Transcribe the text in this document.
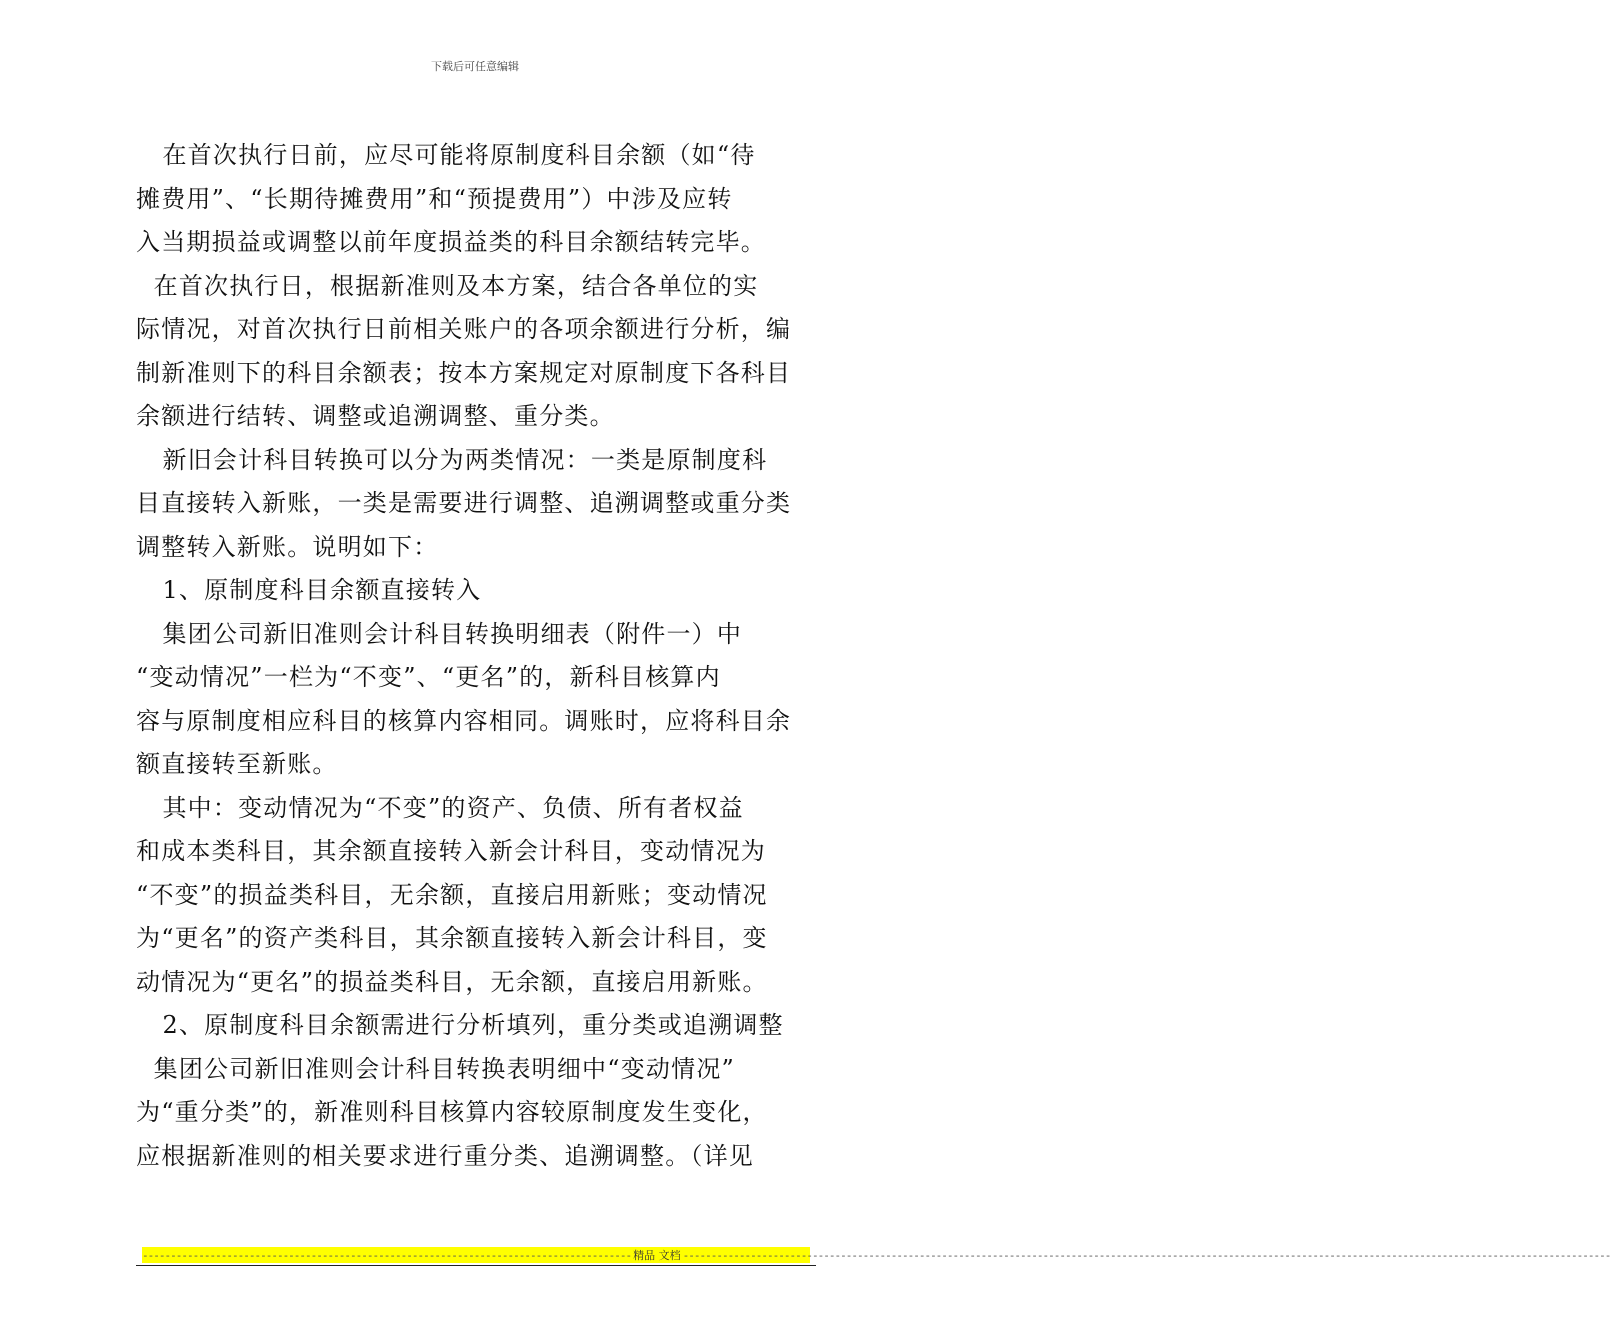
下载后可任意编辑
在首次执行日前，应尽可能将原制度科目余额（如“待
摊费用”、“长期待摊费用”和“预提费用”）中涉及应转
入当期损益或调整以前年度损益类的科目余额结转完毕。
在首次执行日，根据新准则及本方案，结合各单位的实
际情况，对首次执行日前相关账户的各项余额进行分析，编
制新准则下的科目余额表；按本方案规定对原制度下各科目
余额进行结转、调整或追溯调整、重分类。
新旧会计科目转换可以分为两类情况：一类是原制度科
目直接转入新账，一类是需要进行调整、追溯调整或重分类
调整转入新账。说明如下：
1、原制度科目余额直接转入
集团公司新旧准则会计科目转换明细表（附件一）中
“变动情况”一栏为“不变”、“更名”的，新科目核算内
容与原制度相应科目的核算内容相同。调账时，应将科目余
额直接转至新账。
其中：变动情况为“不变”的资产、负债、所有者权益
和成本类科目，其余额直接转入新会计科目，变动情况为
“不变”的损益类科目，无余额，直接启用新账；变动情况
为“更名”的资产类科目，其余额直接转入新会计科目，变
动情况为“更名”的损益类科目，无余额，直接启用新账。
2、原制度科目余额需进行分析填列，重分类或追溯调整
集团公司新旧准则会计科目转换表明细中“变动情况”
为“重分类”的，新准则科目核算内容较原制度发生变化，
应根据新准则的相关要求进行重分类、追溯调整。（详见
--------------------------------------------------------------------------------------- 精品 文档 ---------------------------------------------------------------------------------------------------------------------------------------------------------------------
